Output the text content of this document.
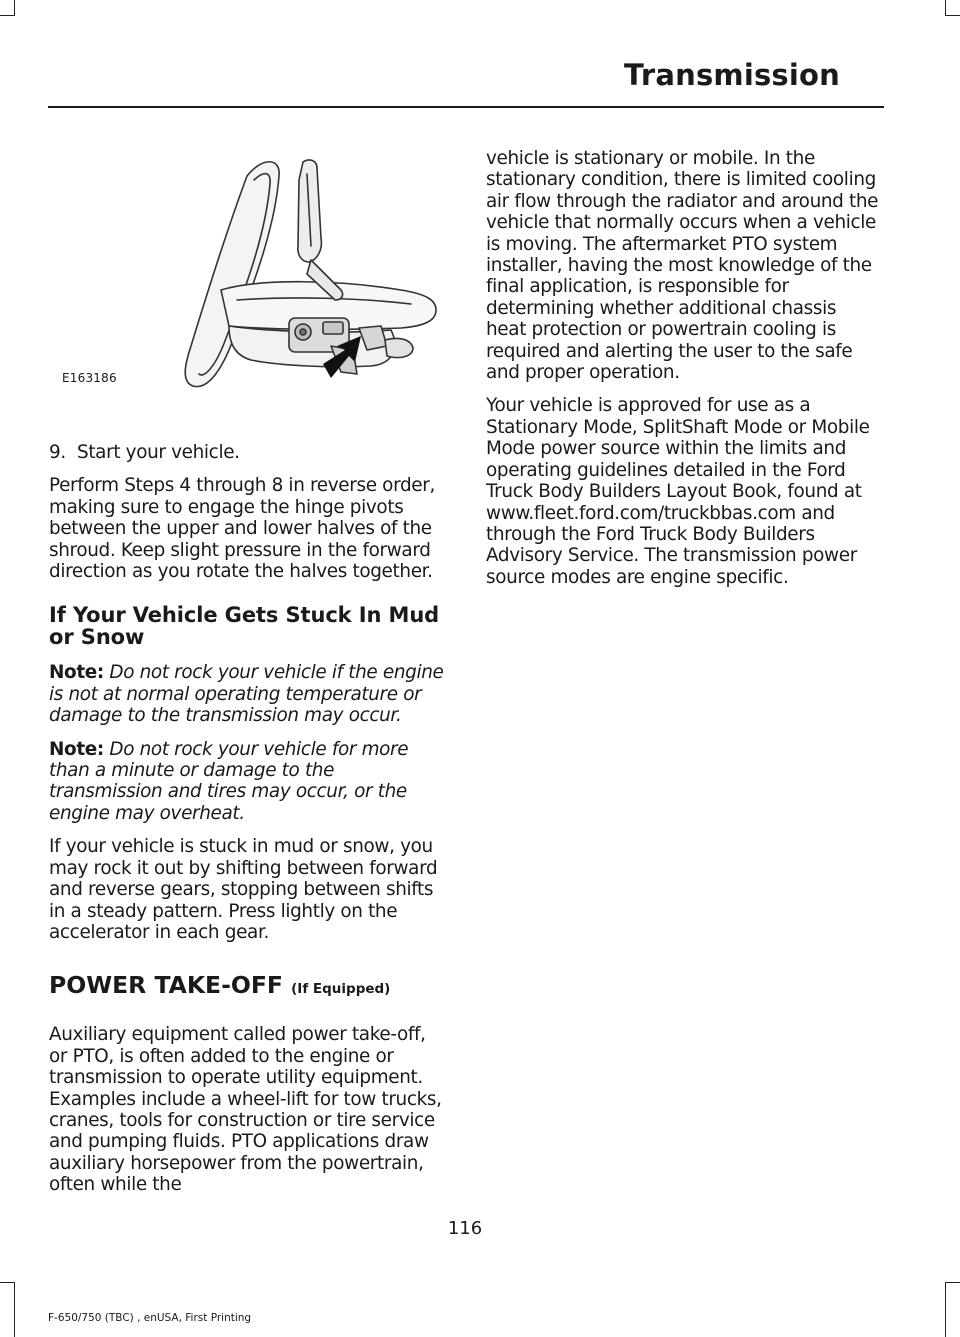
Transmission
E163186
9. Start your vehicle.

Perform Steps 4 through 8 in reverse order, making sure to engage the hinge pivots between the upper and lower halves of the shroud. Keep slight pressure in the forward direction as you rotate the halves together.

If Your Vehicle Gets Stuck In Mud or Snow

Note: Do not rock your vehicle if the engine is not at normal operating temperature or damage to the transmission may occur.

Note: Do not rock your vehicle for more than a minute or damage to the transmission and tires may occur, or the engine may overheat.

If your vehicle is stuck in mud or snow, you may rock it out by shifting between forward and reverse gears, stopping between shifts in a steady pattern. Press lightly on the accelerator in each gear.

POWER TAKE-OFF (If Equipped)

Auxiliary equipment called power take-off, or PTO, is often added to the engine or transmission to operate utility equipment. Examples include a wheel-lift for tow trucks, cranes, tools for construction or tire service and pumping fluids. PTO applications draw auxiliary horsepower from the powertrain, often while the

vehicle is stationary or mobile. In the stationary condition, there is limited cooling air flow through the radiator and around the vehicle that normally occurs when a vehicle is moving. The aftermarket PTO system installer, having the most knowledge of the final application, is responsible for determining whether additional chassis heat protection or powertrain cooling is required and alerting the user to the safe and proper operation.

Your vehicle is approved for use as a Stationary Mode, SplitShaft Mode or Mobile Mode power source within the limits and operating guidelines detailed in the Ford Truck Body Builders Layout Book, found at www.fleet.ford.com/truckbbas.com and through the Ford Truck Body Builders Advisory Service. The transmission power source modes are engine specific.

116
F-650/750 (TBC) , enUSA, First Printing
